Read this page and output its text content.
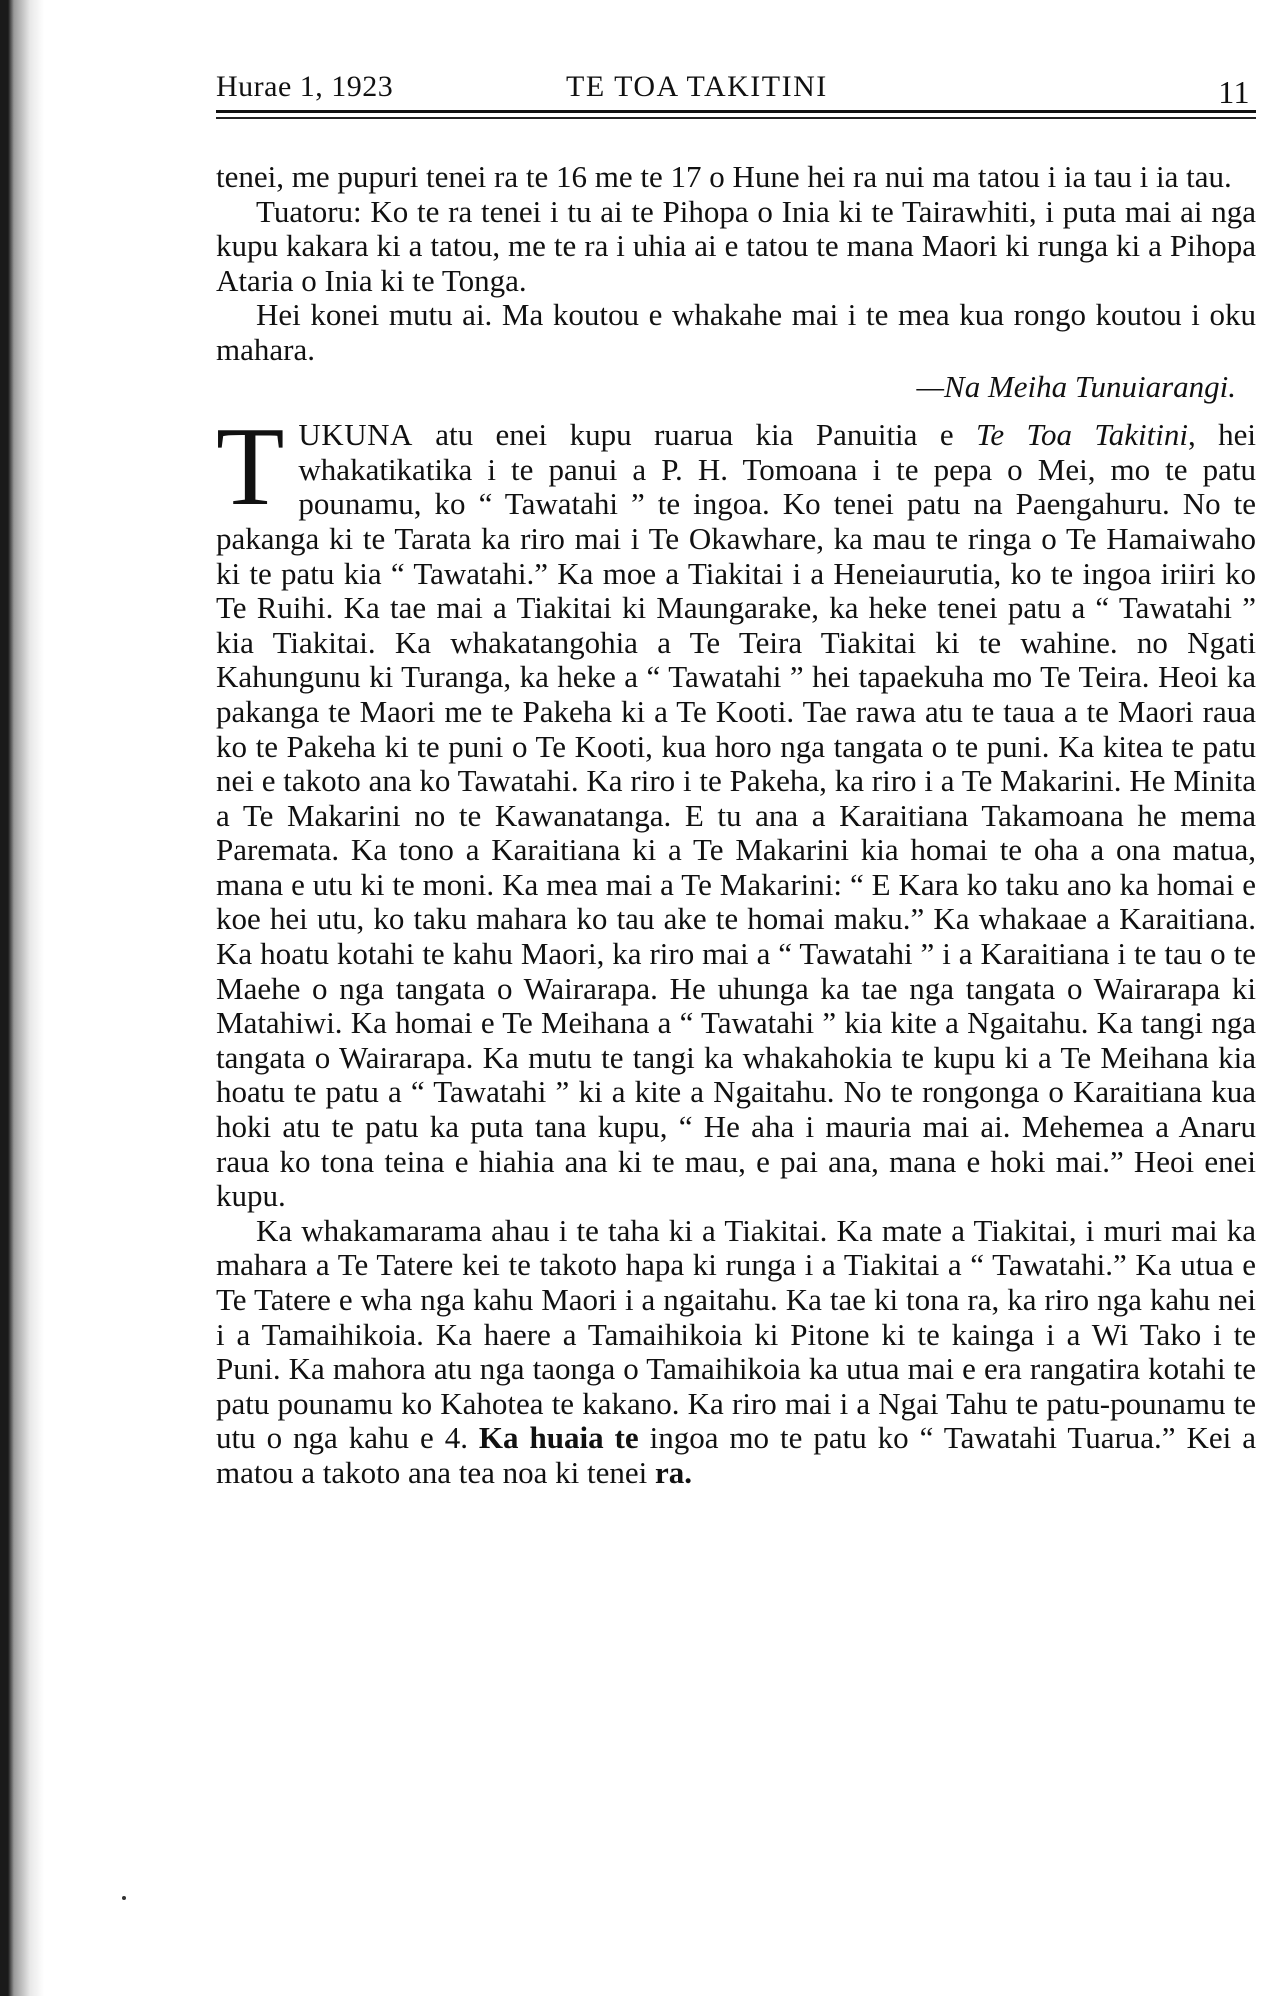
Hurae 1, 1923	TE TOA TAKITINI	11

tenei, me pupuri tenei ra te 16 me te 17 o Hune hei ra nui ma tatou i ia tau i ia tau.

Tuatoru: Ko te ra tenei i tu ai te Pihopa o Inia ki te Tairawhiti, i puta mai ai nga kupu kakara ki a tatou, me te ra i uhia ai e tatou te mana Maori ki runga ki a Pihopa Ataria o Inia ki te Tonga.

Hei konei mutu ai. Ma koutou e whakahe mai i te mea kua rongo koutou i oku mahara.

—Na Meiha Tunuiarangi.

TUKUNA atu enei kupu ruarua kia Panuitia e Te Toa Takitini, hei whakatikatika i te panui a P. H. Tomoana i te pepa o Mei, mo te patu pounamu, ko “ Tawatahi ” te ingoa. Ko tenei patu na Paengahuru. No te pakanga ki te Tarata ka riro mai i Te Okawhare, ka mau te ringa o Te Hamaiwaho ki te patu kia “ Tawatahi.” Ka moe a Tiakitai i a Heneiaurutia, ko te ingoa iriiri ko Te Ruihi. Ka tae mai a Tiakitai ki Maungarake, ka heke tenei patu a “ Tawatahi ” kia Tiakitai. Ka whakatangohia a Te Teira Tiakitai ki te wahine. no Ngati Kahungunu ki Turanga, ka heke a “ Tawatahi ” hei tapaekuha mo Te Teira. Heoi ka pakanga te Maori me te Pakeha ki a Te Kooti. Tae rawa atu te taua a te Maori raua ko te Pakeha ki te puni o Te Kooti, kua horo nga tangata o te puni. Ka kitea te patu nei e takoto ana ko Tawatahi. Ka riro i te Pakeha, ka riro i a Te Makarini. He Minita a Te Makarini no te Kawanatanga. E tu ana a Karaitiana Takamoana he mema Paremata. Ka tono a Karaitiana ki a Te Makarini kia homai te oha a ona matua, mana e utu ki te moni. Ka mea mai a Te Makarini: “ E Kara ko taku ano ka homai e koe hei utu, ko taku mahara ko tau ake te homai maku.” Ka whakaae a Karaitiana. Ka hoatu kotahi te kahu Maori, ka riro mai a “ Tawatahi ” i a Karaitiana i te tau o te Maehe o nga tangata o Wairarapa. He uhunga ka tae nga tangata o Wairarapa ki Matahiwi. Ka homai e Te Meihana a “ Tawatahi ” kia kite a Ngaitahu. Ka tangi nga tangata o Wairarapa. Ka mutu te tangi ka whakahokia te kupu ki a Te Meihana kia hoatu te patu a “ Tawatahi ” ki a kite a Ngaitahu. No te rongonga o Karaitiana kua hoki atu te patu ka puta tana kupu, “ He aha i mauria mai ai. Mehemea a Anaru raua ko tona teina e hiahia ana ki te mau, e pai ana, mana e hoki mai.” Heoi enei kupu.

Ka whakamarama ahau i te taha ki a Tiakitai. Ka mate a Tiakitai, i muri mai ka mahara a Te Tatere kei te takoto hapa ki runga i a Tiakitai a “ Tawatahi.” Ka utua e Te Tatere e wha nga kahu Maori i a ngaitahu. Ka tae ki tona ra, ka riro nga kahu nei i a Tamaihikoia. Ka haere a Tamaihikoia ki Pitone ki te kainga i a Wi Tako i te Puni. Ka mahora atu nga taonga o Tamaihikoia ka utua mai e era rangatira kotahi te patu pounamu ko Kahotea te kakano. Ka riro mai i a Ngai Tahu te patu-pounamu te utu o nga kahu e 4. Ka huaia te ingoa mo te patu ko “ Tawatahi Tuarua.” Kei a matou a takoto ana tea noa ki tenei ra.
